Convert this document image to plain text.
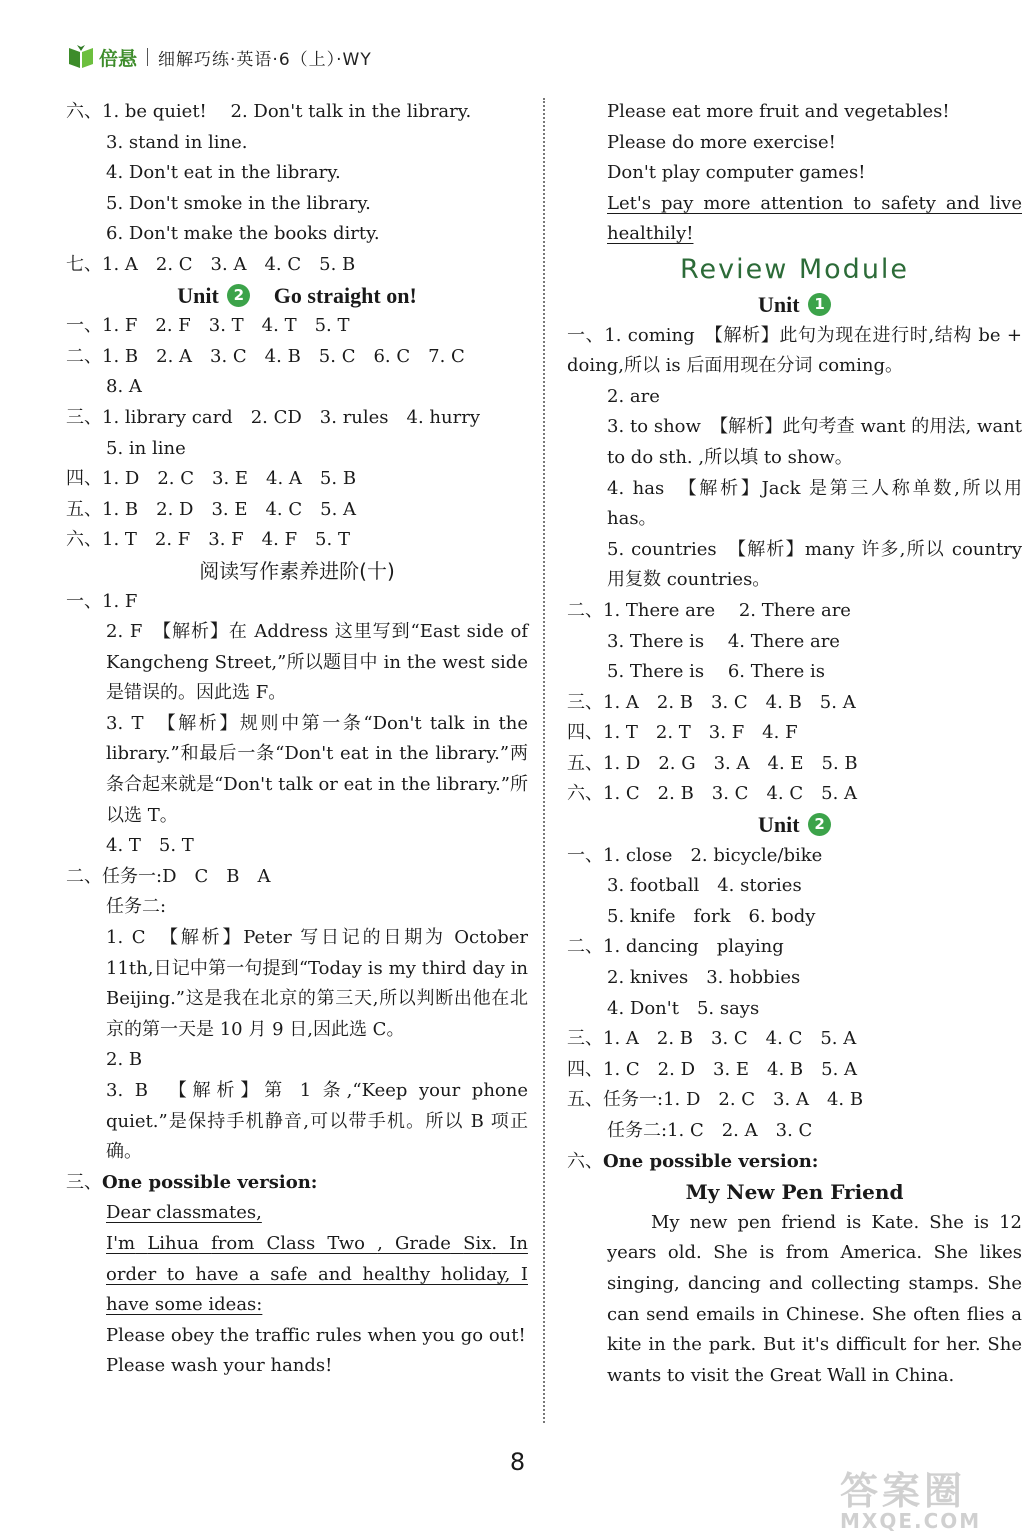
倍悬 细解巧练·英语·6（上）·WY
六、1. be quiet!　 2. Don't talk in the library.
3. stand in line.
4. Don't eat in the library.
5. Don't smoke in the library.
6. Don't make the books dirty.
七、1. A　2. C　3. A　4. C　5. B
Unit 2 Go straight on!
一、1. F　2. F　3. T　4. T　5. T
二、1. B　2. A　3. C　4. B　5. C　6. C　7. C
8. A
三、1. library card　2. CD　3. rules　4. hurry
5. in line
四、1. D　2. C　3. E　4. A　5. B
五、1. B　2. D　3. E　4. C　5. A
六、1. T　2. F　3. F　4. F　5. T
阅读写作素养进阶(十)
一、1. F
2. F　【解析】在 Address 这里写到“East side of Kangcheng Street,”所以题目中 in the west side 是错误的。因此选 F。
3. T　【解析】规则中第一条“Don't talk in the library.”和最后一条“Don't eat in the library.”两条合起来就是“Don't talk or eat in the library.”所以选 T。
4. T　5. T
二、任务一:D　C　B　A
任务二:
1. C　【解析】Peter 写日记的日期为 October 11th,日记中第一句提到“Today is my third day in Beijing.”这是我在北京的第三天,所以判断出他在北京的第一天是 10 月 9 日,因此选 C。
2. B
3. B　【解析】第 1 条,“Keep your phone quiet.”是保持手机静音,可以带手机。所以 B 项正确。
三、One possible version:
Dear classmates,
I'm Lihua from Class Two , Grade Six. In order to have a safe and healthy holiday, I have some ideas:
Please obey the traffic rules when you go out!
Please wash your hands!
Please eat more fruit and vegetables!
Please do more exercise!
Don't play computer games!
Let's pay more attention to safety and live healthily!
Review Module
Unit 1
一、1. coming　【解析】此句为现在进行时,结构 be + doing,所以 is 后面用现在分词 coming。
2. are
3. to show　【解析】此句考查 want 的用法, want to do sth. ,所以填 to show。
4. has　【解析】Jack 是第三人称单数,所以用 has。
5. countries　【解析】many 许多,所以 country 用复数 countries。
二、1. There are　 2. There are
3. There is　 4. There are
5. There is　 6. There is
三、1. A　2. B　3. C　4. B　5. A
四、1. T　2. T　3. F　4. F
五、1. D　2. G　3. A　4. E　5. B
六、1. C　2. B　3. C　4. C　5. A
Unit 2
一、1. close　2. bicycle/bike
3. football　4. stories
5. knife　fork　6. body
二、1. dancing　playing
2. knives　3. hobbies
4. Don't　5. says
三、1. A　2. B　3. C　4. C　5. A
四、1. C　2. D　3. E　4. B　5. A
五、任务一:1. D　2. C　3. A　4. B
任务二:1. C　2. A　3. C
六、One possible version:
My New Pen Friend
My new pen friend is Kate. She is 12 years old. She is from America. She likes singing, dancing and collecting stamps. She can send emails in Chinese. She often flies a kite in the park. But it's difficult for her. She wants to visit the Great Wall in China.
8
答案圈
MXQE.COM
